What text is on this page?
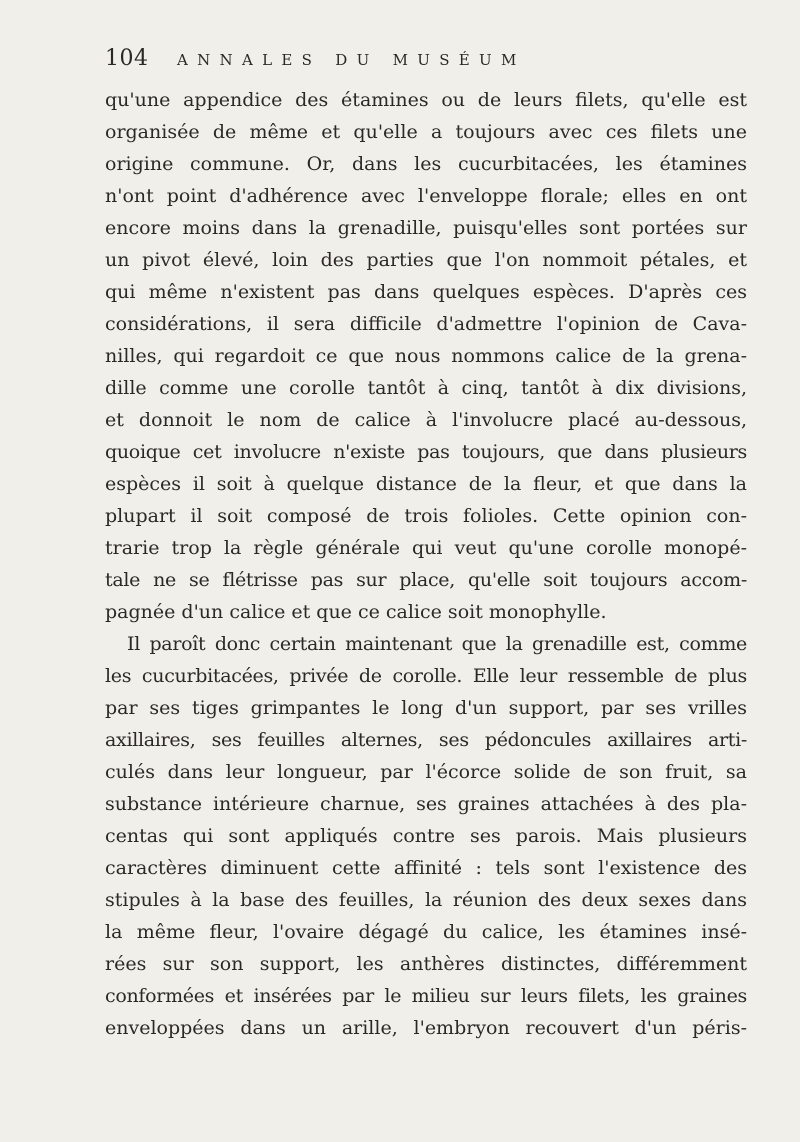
104 ANNALES DU MUSÉUM
qu'une appendice des étamines ou de leurs filets, qu'elle est
organisée de même et qu'elle a toujours avec ces filets une
origine commune. Or, dans les cucurbitacées, les étamines
n'ont point d'adhérence avec l'enveloppe florale; elles en ont
encore moins dans la grenadille, puisqu'elles sont portées sur
un pivot élevé, loin des parties que l'on nommoit pétales, et
qui même n'existent pas dans quelques espèces. D'après ces
considérations, il sera difficile d'admettre l'opinion de Cava-
nilles, qui regardoit ce que nous nommons calice de la grena-
dille comme une corolle tantôt à cinq, tantôt à dix divisions,
et donnoit le nom de calice à l'involucre placé au-dessous,
quoique cet involucre n'existe pas toujours, que dans plusieurs
espèces il soit à quelque distance de la fleur, et que dans la
plupart il soit composé de trois folioles. Cette opinion con-
trarie trop la règle générale qui veut qu'une corolle monopé-
tale ne se flétrisse pas sur place, qu'elle soit toujours accom-
pagnée d'un calice et que ce calice soit monophylle.
Il paroît donc certain maintenant que la grenadille est, comme
les cucurbitacées, privée de corolle. Elle leur ressemble de plus
par ses tiges grimpantes le long d'un support, par ses vrilles
axillaires, ses feuilles alternes, ses pédoncules axillaires arti-
culés dans leur longueur, par l'écorce solide de son fruit, sa
substance intérieure charnue, ses graines attachées à des pla-
centas qui sont appliqués contre ses parois. Mais plusieurs
caractères diminuent cette affinité : tels sont l'existence des
stipules à la base des feuilles, la réunion des deux sexes dans
la même fleur, l'ovaire dégagé du calice, les étamines insé-
rées sur son support, les anthères distinctes, différemment
conformées et insérées par le milieu sur leurs filets, les graines
enveloppées dans un arille, l'embryon recouvert d'un péris-
